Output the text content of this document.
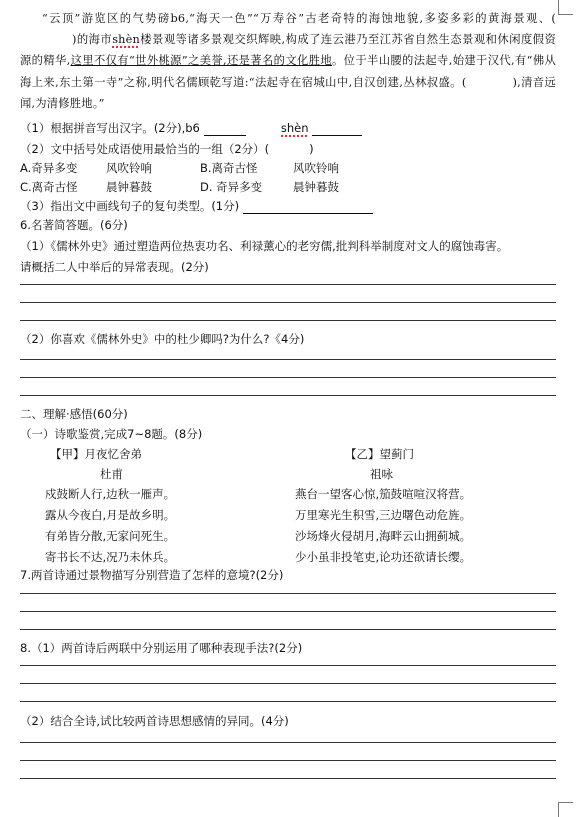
“云顶”游览区的气势磅b6,“海天一色”“万寿谷”古老奇特的海蚀地貌,多姿多彩的黄海景观、()的海市shèn楼景观等诸多景观交织辉映,构成了连云港乃至江苏省自然生态景观和休闲度假资源的精华,这里不仅有“世外桃源”之美誉,还是著名的文化胜地。位于半山腰的法起寺,始建于汉代,有“佛从海上来,东土第一寺”之称,明代名儒顾乾写道:“法起寺在宿城山中,自汉创建,丛林叔盛。(	),清音远闻,为清修胜地。”
（1）根据拼音写出汉字。(2分),b6	shèn
（2）文中括号处成语使用最恰当的一组（2分）(	)
A.奇异多变 风吹铃响	B.离奇古怪	风吹铃响
C.离奇古怪 晨钟暮鼓	D. 奇异多变	晨钟暮鼓
（3）指出文中画线句子的复句类型。(1分)
6.名著简答题。(6分)
（1）《儒林外史》通过塑造两位热衷功名、利禄薰心的老穷儒,批判科举制度对文人的腐蚀毒害。
请概括二人中举后的异常表现。(2分)
（2）你喜欢《儒林外史》中的杜少卿吗?为什么?《4分)
二、理解·感悟(60分)
（一）诗歌鉴赏,完成7~8题。(8分)
【甲】月夜忆舍弟
杜甫
戍鼓断人行,边秋一雁声。
露从今夜白,月是故乡明。
有弟皆分散,无家问死生。
寄书长不达,况乃未休兵。
【乙】望蓟门
祖咏
燕台一望客心惊,笳鼓喧喧汉将营。
万里寒光生积雪,三边曙色动危旌。
沙场烽火侵胡月,海畔云山拥蓟城。
少小虽非投笔吏,论功还欲请长缨。
7.两首诗通过景物描写分别营造了怎样的意境?(2分)
8.（1）两首诗后两联中分别运用了哪种表现手法?(2分)
（2）结合全诗,试比较两首诗思想感情的异同。(4分)
